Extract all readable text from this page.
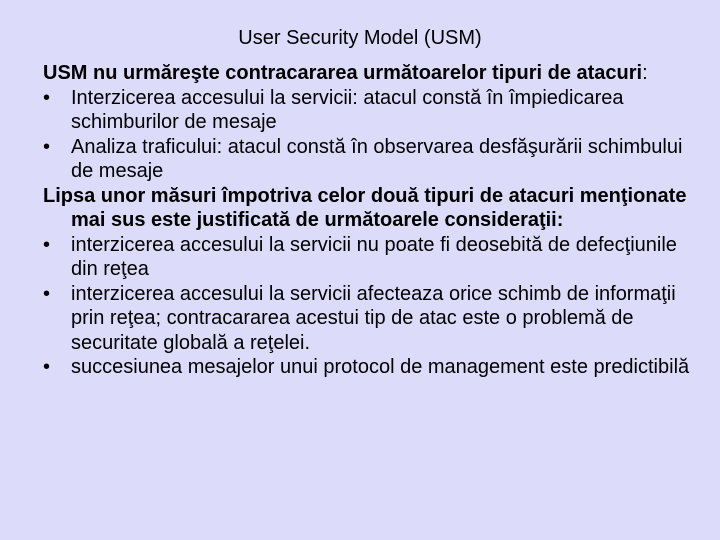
User Security Model (USM)
USM nu urmăreşte contracararea următoarelor tipuri de atacuri:
•	Interzicerea accesului la servicii: atacul constă în împiedicarea schimburilor de mesaje
•	Analiza traficului: atacul constă în observarea desfăşurării schimbului de mesaje
Lipsa unor măsuri împotriva celor două tipuri de atacuri menţionate mai sus este justificată de următoarele consideraţii:
•	interzicerea accesului la servicii nu poate fi deosebită de defecţiunile din reţea
•	interzicerea accesului la servicii afecteaza orice schimb de informaţii prin reţea; contracararea acestui tip de atac este o problemă de securitate globală a reţelei.
•	succesiunea mesajelor unui protocol de management este predictibilă
